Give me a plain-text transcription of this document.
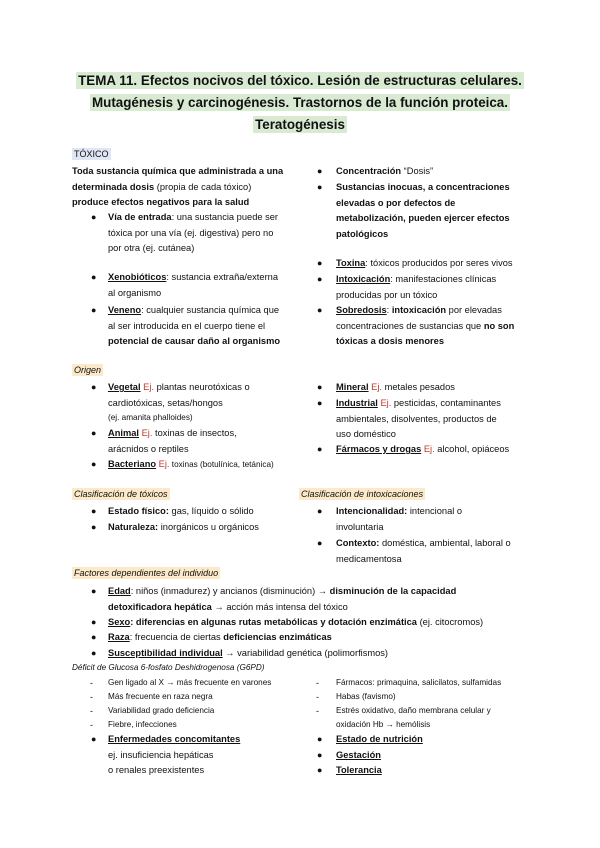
TEMA 11. Efectos nocivos del tóxico. Lesión de estructuras celulares.
Mutagénesis y carcinogénesis. Trastornos de la función proteica.
Teratogénesis
TÓXICO
Toda sustancia química que administrada a una
determinada dosis (propia de cada tóxico)
produce efectos negativos para la salud
● Vía de entrada: una sustancia puede ser
tóxica por una vía (ej. digestiva) pero no
por otra (ej. cutánea)
● Xenobióticos: sustancia extraña/externa
al organismo
● Veneno: cualquier sustancia química que
al ser introducida en el cuerpo tiene el
potencial de causar daño al organismo
● Concentración “Dosis”
● Sustancias inocuas, a concentraciones
elevadas o por defectos de
metabolización, pueden ejercer efectos
patológicos
● Toxina: tóxicos producidos por seres vivos
● Intoxicación: manifestaciones clínicas
producidas por un tóxico
● Sobredosis: intoxicación por elevadas
concentraciones de sustancias que no son
tóxicas a dosis menores
Origen
● Vegetal Ej. plantas neurotóxicas o
cardiotóxicas, setas/hongos
(ej. amanita phalloides)
● Animal Ej. toxinas de insectos,
arácnidos o reptiles
● Bacteriano Ej. toxinas (botulínica, tetánica)
● Mineral Ej. metales pesados
● Industrial Ej. pesticidas, contaminantes
ambientales, disolventes, productos de
uso doméstico
● Fármacos y drogas Ej. alcohol, opiáceos
Clasificación de tóxicos	Clasificación de intoxicaciones
● Estado físico: gas, líquido o sólido
● Naturaleza: inorgánicos u orgánicos
● Intencionalidad: intencional o
involuntaria
● Contexto: doméstica, ambiental, laboral o
medicamentosa
Factores dependientes del individuo
● Edad: niños (inmadurez) y ancianos (disminución) → disminución de la capacidad
detoxificadora hepática → acción más intensa del tóxico
● Sexo: diferencias en algunas rutas metabólicas y dotación enzimática (ej. citocromos)
● Raza: frecuencia de ciertas deficiencias enzimáticas
● Susceptibilidad individual → variabilidad genética (polimorfismos)
Déficit de Glucosa 6-fosfato Deshidrogenosa (G6PD)
- Gen ligado al X → más frecuente en varones
- Más frecuente en raza negra
- Variabilidad grado deficiencia
- Fiebre, infecciones
- Fármacos: primaquina, salicilatos, sulfamidas
- Habas (favismo)
- Estrés oxidativo, daño membrana celular y
oxidación Hb → hemólisis
● Enfermedades concomitantes
ej. insuficiencia hepáticas
o renales preexistentes
● Estado de nutrición
● Gestación
● Tolerancia
